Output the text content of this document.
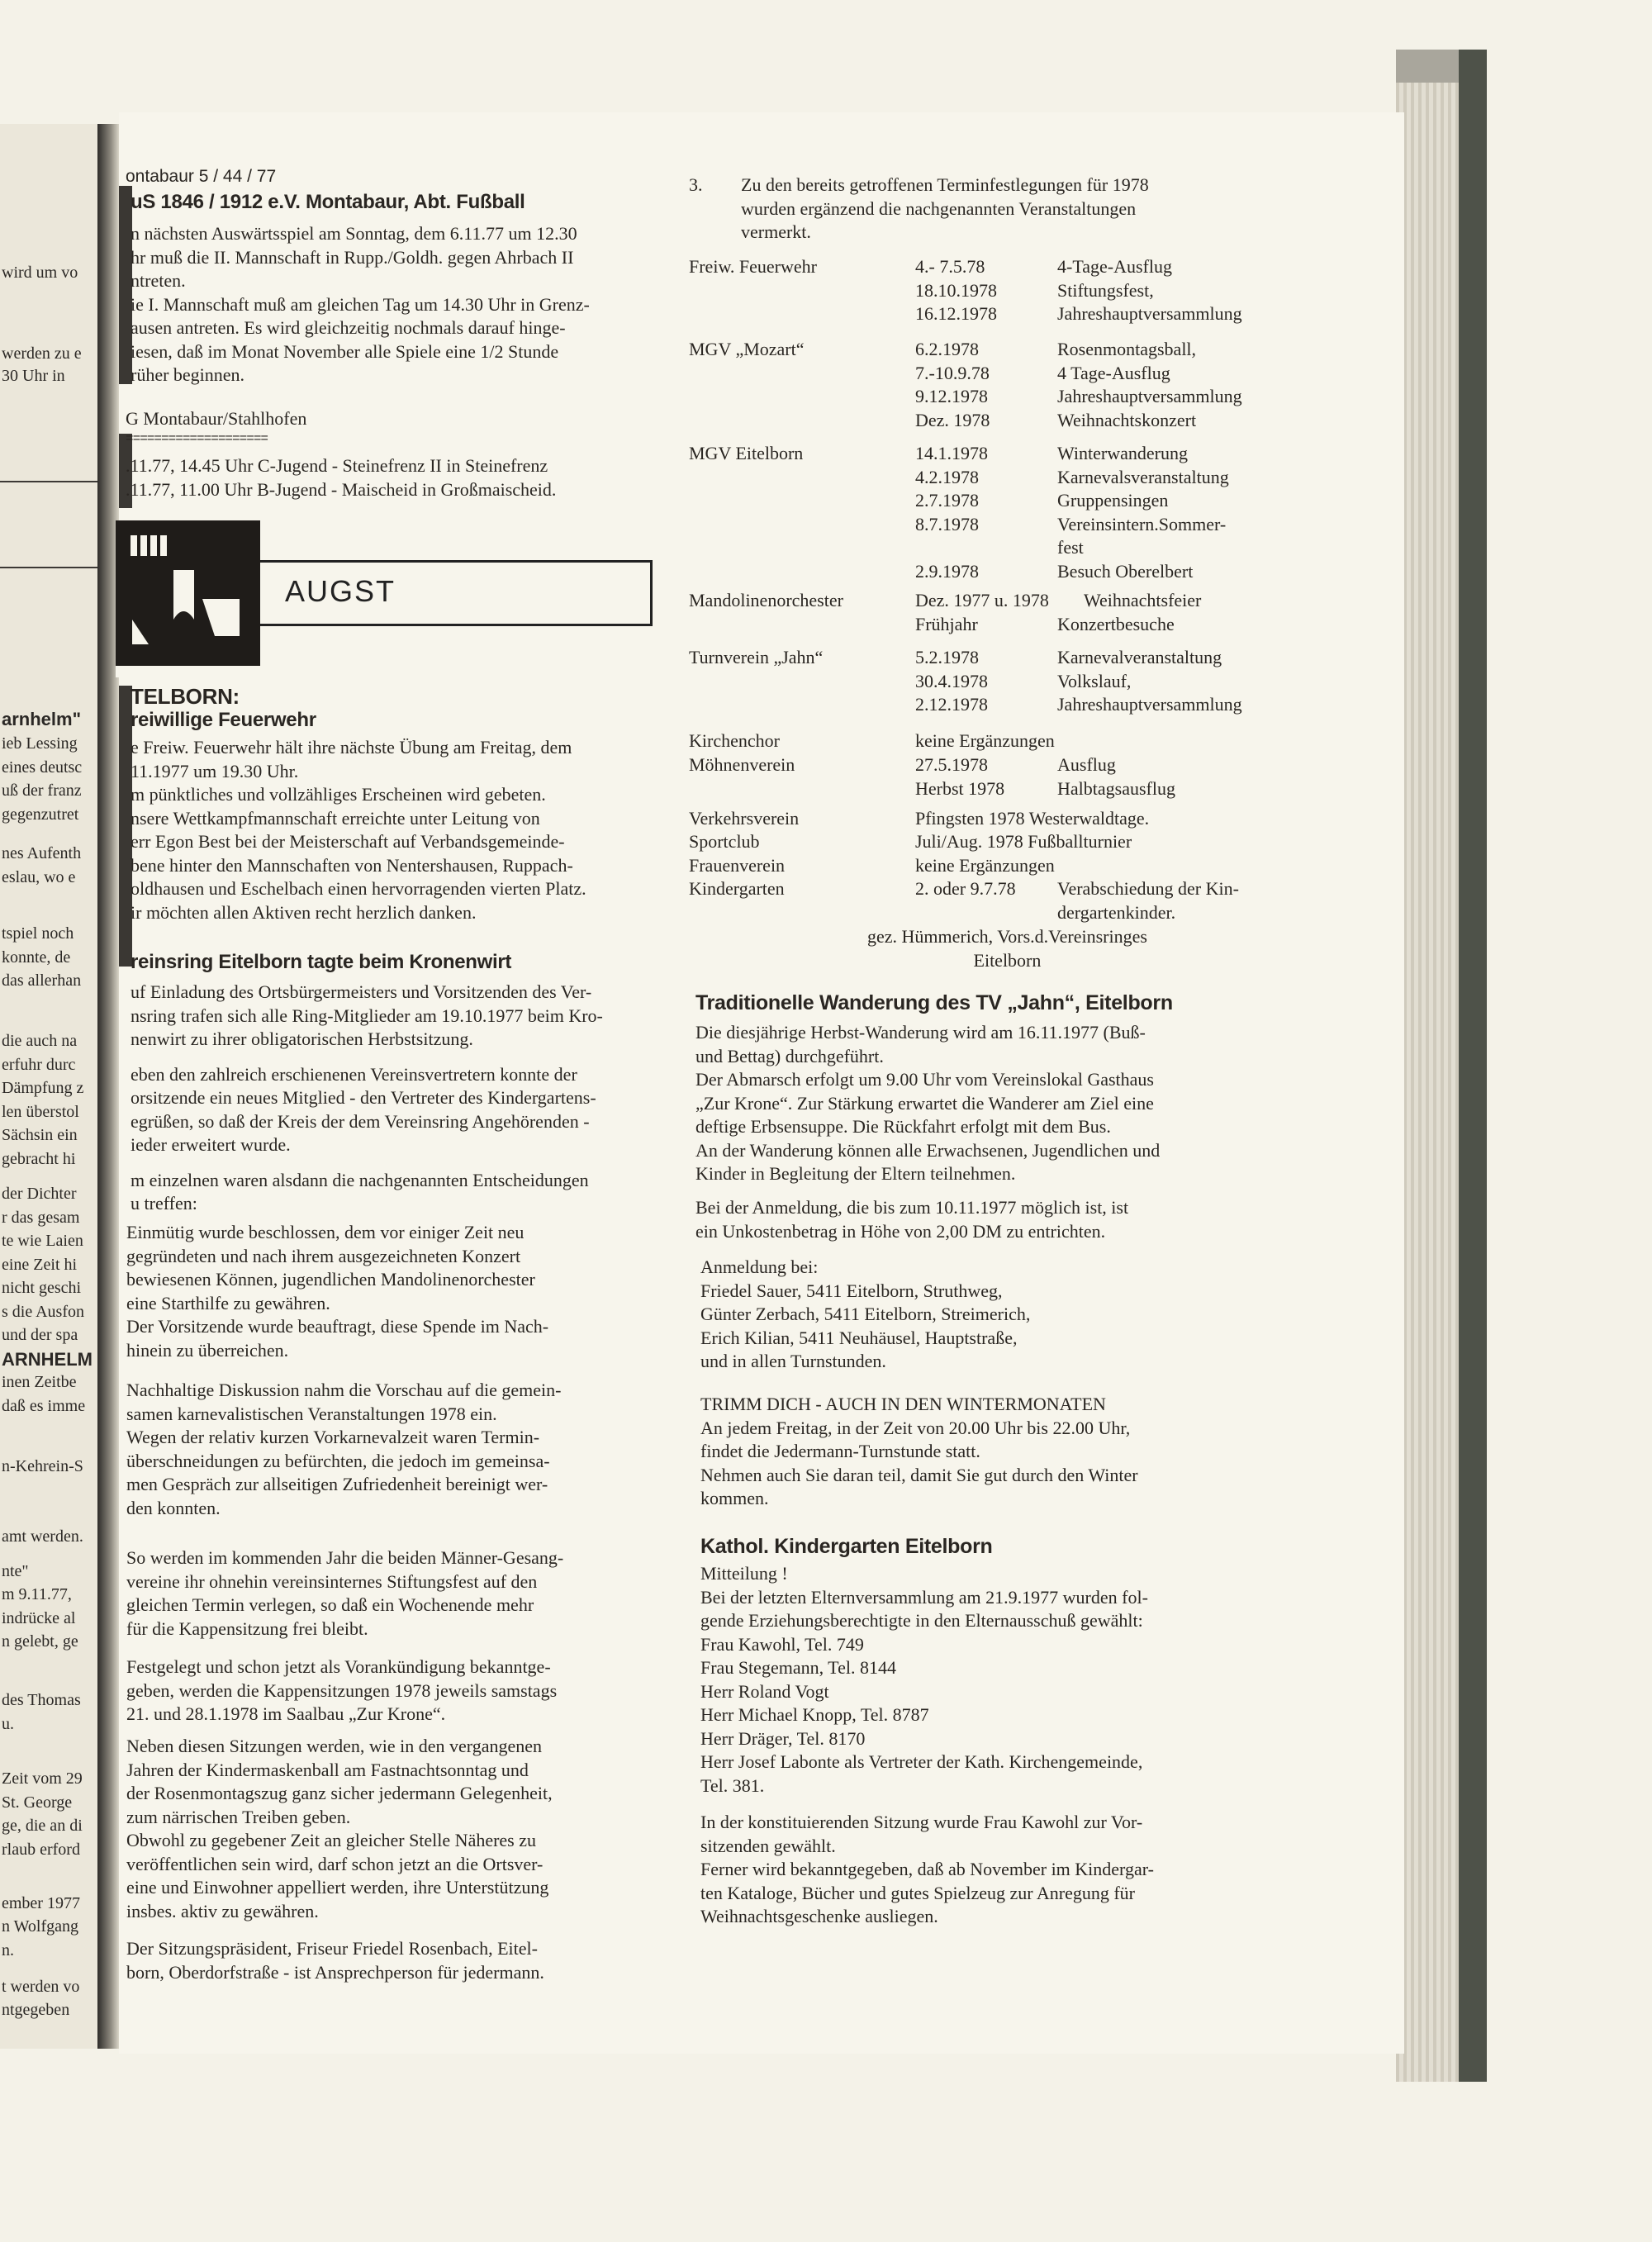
wird um vo
werden zu e
30 Uhr in
arnhelm"
ieb Lessing
eines deutsc
uß der franz
gegenzutret
nes Aufenth
eslau, wo e
tspiel noch
konnte, de
das allerhan
die auch na
erfuhr durc
Dämpfung z
len überstol
Sächsin ein
gebracht hi
der Dichter
r das gesam
te wie Laien
eine Zeit hi
nicht geschi
s die Ausfon
und der spa
ARNHELM
inen Zeitbe
daß es imme
n-Kehrein-S
amt werden.
nte"
m 9.11.77,
indrücke al
n gelebt, ge
des Thomas
u.
Zeit vom 29
St. George
ge, die an di
rlaub erford
ember 1977
n Wolfgang
n.
t werden vo
ntgegeben
ontabaur 5 / 44 / 77
uS 1846 / 1912 e.V. Montabaur, Abt. Fußball
n nächsten Auswärtsspiel am Sonntag, dem 6.11.77 um 12.30
hr muß die II. Mannschaft in Rupp./Goldh. gegen Ahrbach II
ntreten.
ie I. Mannschaft muß am gleichen Tag um 14.30 Uhr in Grenz-
ausen antreten. Es wird gleichzeitig nochmals darauf hinge-
iesen, daß im Monat November alle Spiele eine 1/2 Stunde
rüher beginnen.
G Montabaur/Stahlhofen
====================
.11.77, 14.45 Uhr C-Jugend - Steinefrenz II in Steinefrenz
.11.77, 11.00 Uhr B-Jugend - Maischeid in Großmaischeid.
AUGST
TELBORN:
reiwillige Feuerwehr
e Freiw. Feuerwehr hält ihre nächste Übung am Freitag, dem
11.1977 um 19.30 Uhr.
m pünktliches und vollzähliges Erscheinen wird gebeten.
nsere Wettkampfmannschaft erreichte unter Leitung von
err Egon Best bei der Meisterschaft auf Verbandsgemeinde-
bene hinter den Mannschaften von Nentershausen, Ruppach-
oldhausen und Eschelbach einen hervorragenden vierten Platz.
ir möchten allen Aktiven recht herzlich danken.
reinsring Eitelborn tagte beim Kronenwirt
uf Einladung des Ortsbürgermeisters und Vorsitzenden des Ver-
nsring trafen sich alle Ring-Mitglieder am 19.10.1977 beim Kro-
nenwirt zu ihrer obligatorischen Herbstsitzung.

eben den zahlreich erschienenen Vereinsvertretern konnte der
orsitzende ein neues Mitglied - den Vertreter des Kindergartens-
egrüßen, so daß der Kreis der dem Vereinsring Angehörenden -
ieder erweitert wurde.

m einzelnen waren alsdann die nachgenannten Entscheidungen
u treffen:
Einmütig wurde beschlossen, dem vor einiger Zeit neu
gegründeten und nach ihrem ausgezeichneten Konzert
bewiesenen Können, jugendlichen Mandolinenorchester
eine Starthilfe zu gewähren.
Der Vorsitzende wurde beauftragt, diese Spende im Nach-
hinein zu überreichen.
Nachhaltige Diskussion nahm die Vorschau auf die gemein-
samen karnevalistischen Veranstaltungen 1978 ein.
Wegen der relativ kurzen Vorkarnevalzeit waren Termin-
überschneidungen zu befürchten, die jedoch im gemeinsa-
men Gespräch zur allseitigen Zufriedenheit bereinigt wer-
den konnten.
So werden im kommenden Jahr die beiden Männer-Gesang-
vereine ihr ohnehin vereinsinternes Stiftungsfest auf den
gleichen Termin verlegen, so daß ein Wochenende mehr
für die Kappensitzung frei bleibt.
Festgelegt und schon jetzt als Vorankündigung bekanntge-
geben, werden die Kappensitzungen 1978 jeweils samstags
21. und 28.1.1978 im Saalbau „Zur Krone“.
Neben diesen Sitzungen werden, wie in den vergangenen
Jahren der Kindermaskenball am Fastnachtsonntag und
der Rosenmontagszug ganz sicher jedermann Gelegenheit,
zum närrischen Treiben geben.
Obwohl zu gegebener Zeit an gleicher Stelle Näheres zu
veröffentlichen sein wird, darf schon jetzt an die Ortsver-
eine und Einwohner appelliert werden, ihre Unterstützung
insbes. aktiv zu gewähren.
Der Sitzungspräsident, Friseur Friedel Rosenbach, Eitel-
born, Oberdorfstraße - ist Ansprechperson für jedermann.
3. Zu den bereits getroffenen Terminfestlegungen für 1978
wurden ergänzend die nachgenannten Veranstaltungen
vermerkt.
Freiw. Feuerwehr	4.- 7.5.78	4-Tage-Ausflug
18.10.1978	Stiftungsfest,
16.12.1978	Jahreshauptversammlung
MGV „Mozart“	6.2.1978	Rosenmontagsball,
7.-10.9.78	4 Tage-Ausflug
9.12.1978	Jahreshauptversammlung
Dez. 1978	Weihnachtskonzert
MGV Eitelborn	14.1.1978	Winterwanderung
4.2.1978	Karnevalsveranstaltung
2.7.1978	Gruppensingen
8.7.1978	Vereinsintern.Sommer-
fest
2.9.1978	Besuch Oberelbert
Mandolinenorchester	Dez. 1977 u. 1978 Weihnachtsfeier
Frühjahr	Konzertbesuche
Turnverein „Jahn“	5.2.1978	Karnevalveranstaltung
30.4.1978	Volkslauf,
2.12.1978	Jahreshauptversammlung
Kirchenchor	keine Ergänzungen
Möhnenverein	27.5.1978	Ausflug
Herbst 1978	Halbtagsausflug
Verkehrsverein	Pfingsten 1978 Westerwaldtage.
Sportclub	Juli/Aug. 1978 Fußballturnier
Frauenverein	keine Ergänzungen
Kindergarten	2. oder 9.7.78 Verabschiedung der Kin-
dergartenkinder.
gez. Hümmerich, Vors.d.Vereinsringes
Eitelborn
Traditionelle Wanderung des TV „Jahn“, Eitelborn
Die diesjährige Herbst-Wanderung wird am 16.11.1977 (Buß-
und Bettag) durchgeführt.
Der Abmarsch erfolgt um 9.00 Uhr vom Vereinslokal Gasthaus
„Zur Krone“. Zur Stärkung erwartet die Wanderer am Ziel eine
deftige Erbsensuppe. Die Rückfahrt erfolgt mit dem Bus.
An der Wanderung können alle Erwachsenen, Jugendlichen und
Kinder in Begleitung der Eltern teilnehmen.
Bei der Anmeldung, die bis zum 10.11.1977 möglich ist, ist
ein Unkostenbetrag in Höhe von 2,00 DM zu entrichten.
Anmeldung bei:
Friedel Sauer, 5411 Eitelborn, Struthweg,
Günter Zerbach, 5411 Eitelborn, Streimerich,
Erich Kilian, 5411 Neuhäusel, Hauptstraße,
und in allen Turnstunden.
TRIMM DICH - AUCH IN DEN WINTERMONATEN
An jedem Freitag, in der Zeit von 20.00 Uhr bis 22.00 Uhr,
findet die Jedermann-Turnstunde statt.
Nehmen auch Sie daran teil, damit Sie gut durch den Winter
kommen.
Kathol. Kindergarten Eitelborn
Mitteilung !
Bei der letzten Elternversammlung am 21.9.1977 wurden fol-
gende Erziehungsberechtigte in den Elternausschuß gewählt:
Frau Kawohl, Tel. 749
Frau Stegemann, Tel. 8144
Herr Roland Vogt
Herr Michael Knopp, Tel. 8787
Herr Dräger, Tel. 8170
Herr Josef Labonte als Vertreter der Kath. Kirchengemeinde,
Tel. 381.
In der konstituierenden Sitzung wurde Frau Kawohl zur Vor-
sitzenden gewählt.
Ferner wird bekanntgegeben, daß ab November im Kindergar-
ten Kataloge, Bücher und gutes Spielzeug zur Anregung für
Weihnachtsgeschenke ausliegen.
